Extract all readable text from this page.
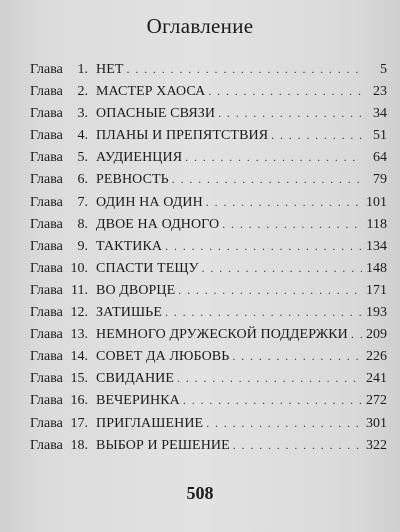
Оглавление
Глава	1. НЕТ . . .	5
Глава	2. МАСТЕР ХАОСА . . .	23
Глава	3. ОПАСНЫЕ СВЯЗИ . . .	34
Глава	4. ПЛАНЫ И ПРЕПЯТСТВИЯ . . .	51
Глава	5. АУДИЕНЦИЯ . . .	64
Глава	6. РЕВНОСТЬ . . .	79
Глава	7. ОДИН НА ОДИН . . .	101
Глава	8. ДВОЕ НА ОДНОГО . . .	118
Глава	9. ТАКТИКА . . .	134
Глава 10. СПАСТИ ТЕЩУ . . .	148
Глава 11. ВО ДВОРЦЕ . . .	171
Глава 12. ЗАТИШЬЕ . . .	193
Глава 13. НЕМНОГО ДРУЖЕСКОЙ ПОДДЕРЖКИ . . . 209
Глава 14. СОВЕТ ДА ЛЮБОВЬ . . .	226
Глава 15. СВИДАНИЕ . . .	241
Глава 16. ВЕЧЕРИНКА . . .	272
Глава 17. ПРИГЛАШЕНИЕ . . .	301
Глава 18. ВЫБОР И РЕШЕНИЕ . . .	322
508
